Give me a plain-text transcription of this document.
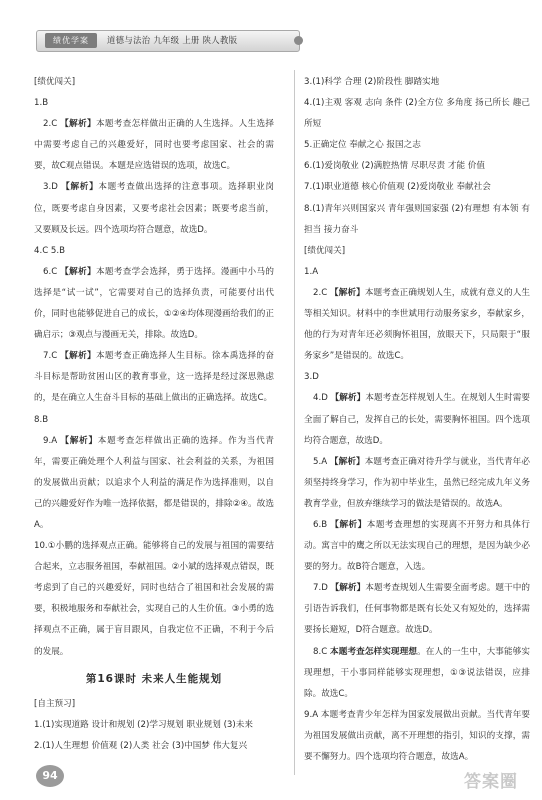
绩优学案	道德与法治 九年级 上册 陕人教版

[绩优闯关]

1.B

2.C 【解析】本题考查怎样做出正确的人生选择。人生选择中需要考虑自己的兴趣爱好，同时也要考虑国家、社会的需要，故C观点错误。本题是应选错误的选项，故选C。

3.D 【解析】本题考查做出选择的注意事项。选择职业岗位，既要考虑自身因素，又要考虑社会因素；既要考虑当前，又要顾及长远。四个选项均符合题意，故选D。

4.C 5.B

6.C 【解析】本题考查学会选择，勇于选择。漫画中小马的选择是“试一试”，它需要对自己的选择负责，可能要付出代价，同时也能够促进自己的成长，①②④均体现漫画给我们的正确启示；③观点与漫画无关，排除。故选D。

7.C 【解析】本题考查正确选择人生目标。徐本禹选择的奋斗目标是帮助贫困山区的教育事业，这一选择是经过深思熟虑的，是在确立人生奋斗目标的基础上做出的正确选择。故选C。

8.B

9.A 【解析】本题考查怎样做出正确的选择。作为当代青年，需要正确处理个人利益与国家、社会利益的关系，为祖国的发展做出贡献；以追求个人利益的满足作为选择准则，以自己的兴趣爱好作为唯一选择依据，都是错误的，排除②④。故选A。

10.①小鹏的选择观点正确。能够将自己的发展与祖国的需要结合起来，立志服务祖国，奉献祖国。②小斌的选择观点错误，既考虑到了自己的兴趣爱好，同时也结合了祖国和社会发展的需要，积极地服务和奉献社会，实现自己的人生价值。③小勇的选择观点不正确，属于盲目跟风，自我定位不正确，不利于今后的发展。

第16课时 未来人生能规划

[自主预习]

1.(1)实现道路 设计和规划 (2)学习规划 职业规划 (3)未来

2.(1)人生理想 价值观 (2)人类 社会 (3)中国梦 伟大复兴

3.(1)科学 合理 (2)阶段性 脚踏实地

4.(1)主观 客观 志向 条件 (2)全方位 多角度 扬己所长 趣己所短

5.正确定位 奉献之心 报国之志

6.(1)爱岗敬业 (2)满腔热情 尽职尽责 才能 价值

7.(1)职业道德 核心价值观 (2)爱岗敬业 奉献社会

8.(1)青年兴则国家兴 青年强则国家强 (2)有理想 有本领 有担当 接力奋斗

[绩优闯关]

1.A

2.C 【解析】本题考查正确规划人生，成就有意义的人生等相关知识。材料中的李世斌用行动服务家乡，奉献家乡，他的行为对青年还必须胸怀祖国，放眼天下，只局限于“服务家乡”是错误的。故选C。

3.D

4.D 【解析】本题考查怎样规划人生。在规划人生时需要全面了解自己，发挥自己的长处，需要胸怀祖国。四个选项均符合题意，故选D。

5.A 【解析】本题考查正确对待升学与就业，当代青年必须坚持终身学习，作为初中毕业生，虽然已经完成九年义务教育学业，但放弃继续学习的做法是错误的。故选A。

6.B 【解析】本题考查理想的实现离不开努力和具体行动。寓言中的鹰之所以无法实现自己的理想，是因为缺少必要的努力。故B符合题意，入选。

7.D 【解析】本题考查规划人生需要全面考虑。题干中的引语告诉我们，任何事物都是既有长处又有短处的，选择需要扬长避短，D符合题意。故选D。

8.C 本题考查怎样实现理想。在人的一生中，大事能够实现理想，干小事同样能够实现理想，①③说法错误，应排除。故选C。

9.A 本题考查青少年怎样为国家发展做出贡献。当代青年要为祖国发展做出贡献，离不开理想的指引，知识的支撑，需要不懈努力。四个选项均符合题意，故选A。

94	答案圈
